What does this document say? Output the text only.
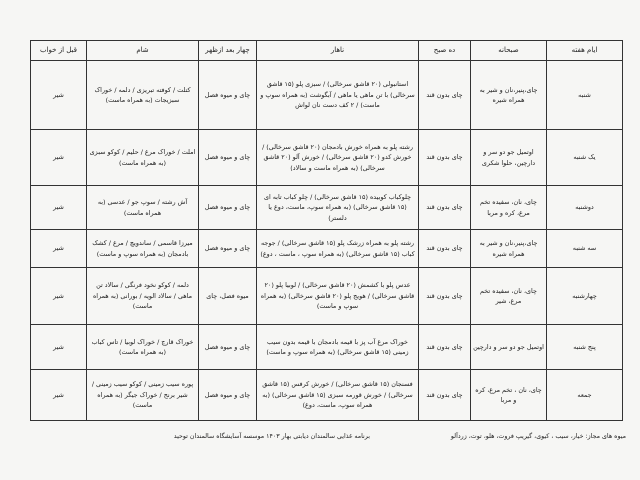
ایام هفته	صبحانه	ده صبح	ناهار	چهار بعد ازظهر	شام	قبل از خواب
شنبه	چای،پنیر،نان و شیر به همراه شیره	چای بدون قند	استانبولی (۲۰ قاشق سرخالی) / سبزی پلو (۱۵ قاشق سرخالی) با تن ماهی یا ماهی / آبگوشت (به همراه سوپ و ماست) / ۲ کف دست نان لواش	چای و میوه فصل	کتلت / کوفته تبریزی / دلمه / خوراک سبزیجات (به همراه ماست)	شیر
یک شنبه	اوتمیل جو دو سر و دارچین، حلوا شکری	چای بدون قند	رشته پلو به همراه خورش بادمجان (۲۰ قاشق سرخالی) / خورش کدو (۲۰ قاشق سرخالی) / خورش آلو (۲۰ قاشق سرخالی) (به همراه ماست و سالاد)	چای و میوه فصل	املت / خوراک مرغ / حلیم / کوکو سبزی (به همراه ماست)	شیر
دوشنبه	چای، نان، سفیده تخم مرغ، کره و مربا	چای بدون قند	چلوکباب کوبیده (۱۵ قاشق سرخالی) / چلو کباب تابه ای (۱۵ قاشق سرخالی) (به همراه سوپ، ماست، دوغ یا دلستر)	چای و میوه فصل	آش رشته / سوپ جو / عدسی (به همراه ماست)	شیر
سه شنبه	چای،پنیر،نان و شیر به همراه شیره	چای بدون قند	رشته پلو به همراه زرشک پلو (۱۵ قاشق سرخالی) / جوجه کباب (۱۵ قاشق سرخالی) (به همراه سوپ ، ماست ، دوغ)	چای و میوه فصل	میرزا قاسمی / ساندویچ / مرغ / کشک بادمجان (به همراه سوپ و ماست)	شیر
چهارشنبه	چای، نان، سفیده تخم مرغ، شیر	چای بدون قند	عدس پلو با کشمش (۲۰ قاشق سرخالی) / لوبیا پلو (۲۰ قاشق سرخالی) / هویج پلو (۲۰ قاشق سرخالی) (به همراه سوپ و ماست)	میوه فصل، چای	دلمه / کوکو نخود فرنگی / سالاد تن ماهی / سالاد الویه / بورانی (به همراه ماست)	شیر
پنج شنبه	اوتمیل جو دو سر و دارچین	چای بدون قند	خوراک مرغ آب پز با قیمه بادمجان با قیمه بدون سیب زمینی (۱۵ قاشق سرخالی) (به همراه سوپ و ماست)	چای و میوه فصل	خوراک قارچ / خوراک لوبیا / تاس کباب (به همراه ماست)	شیر
جمعه	چای، نان ، تخم مرغ، کره و مربا	چای بدون قند	فسنجان (۱۵ قاشق سرخالی) / خورش کرفس (۱۵ قاشق سرخالی) / خورش قورمه سبزی (۱۵ قاشق سرخالی) (به همراه سوپ، ماست، دوغ)	چای و میوه فصل	پوره سیب زمینی / کوکو سیب زمینی / شیر برنج / خوراک جیگر (به همراه ماست)	شیر
میوه های مجاز: خیار، سیب ، کیوی، گیریپ فروت، هلو، توت، زردآلو
برنامه غذایی سالمندان دیابتی بهار ۱۴۰۳ موسسه آسایشگاه سالمندان توحید
